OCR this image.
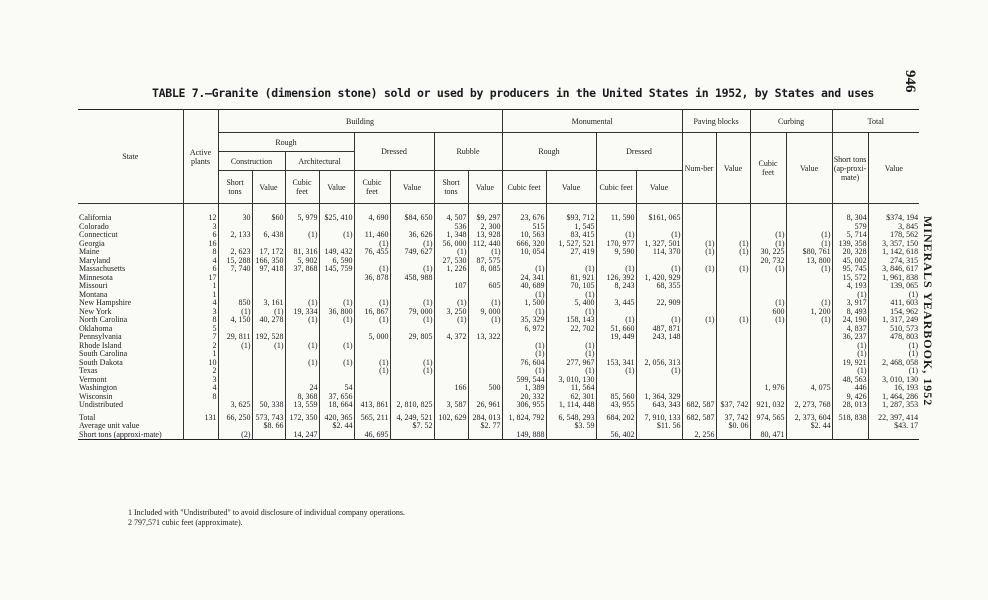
946
MINERALS YEARBOOK, 1952
TABLE 7.—Granite (dimension stone) sold or used by producers in the United States in 1952, by States and uses
State	Active plants	Building								Monumental				Paving blocks		Curbing		Total	
		Rough				Dressed		Rubble		Rough		Dressed		Num-ber	Value	Cubic feet	Value	Short tons (ap-proxi-mate)	Value
		Construction		Architectural															
		Short tons	Value	Cubic feet	Value	Cubic feet	Value	Short tons	Value	Cubic feet	Value	Cubic feet	Value						

California	12	30	$60	5, 979	$25, 410	4, 690	$84, 650	4, 507	$9, 297	23, 676	$93, 712	11, 590	$161, 065					8, 304	$374, 194
Colorado	3							536	2, 300	515	1, 545							579	3, 845
Connecticut	6	2, 133	6, 438	(1)	(1)	11, 460	36, 626	1, 348	13, 928	10, 563	83, 415	(1)	(1)			(1)	(1)	5, 714	178, 562
Georgia	16					(1)	(1)	56, 000	112, 440	666, 320	1, 527, 521	170, 977	1, 327, 501	(1)	(1)	(1)	(1)	139, 358	3, 357, 150
Maine	8	2, 623	17, 172	81, 316	149, 432	76, 455	749, 627	(1)	(1)	10, 054	27, 419	9, 590	114, 370	(1)	(1)	30, 225	$80, 761	20, 328	1, 142, 618
Maryland	4	15, 288	166, 350	5, 902	6, 590			27, 530	87, 575							20, 732	13, 800	45, 002	274, 315
Massachusetts	6	7, 740	97, 418	37, 868	145, 759	(1)	(1)	1, 226	8, 085	(1)	(1)	(1)	(1)	(1)	(1)	(1)	(1)	95, 745	3, 846, 617
Minnesota	17					36, 878	458, 988			24, 341	81, 921	126, 392	1, 420, 929					15, 572	1, 961, 838
Missouri	1							107	605	40, 689	70, 105	8, 243	68, 355					4, 193	139, 065
Montana	1									(1)	(1)							(1)	(1)
New Hampshire	4	850	3, 161	(1)	(1)	(1)	(1)	(1)	(1)	1, 500	5, 400	3, 445	22, 909			(1)	(1)	3, 917	411, 603
New York	3	(1)	(1)	19, 334	36, 800	16, 867	79, 000	3, 250	9, 000	(1)	(1)					600	1, 200	8, 493	154, 962
North Carolina	8	4, 150	40, 278	(1)	(1)	(1)	(1)	(1)	(1)	35, 329	158, 143	(1)	(1)	(1)	(1)	(1)	(1)	24, 190	1, 317, 249
Oklahoma	5									6, 972	22, 702	51, 660	487, 871					4, 837	510, 573
Pennsylvania	7	29, 811	192, 528			5, 000	29, 805	4, 372	13, 322			19, 449	243, 148					36, 237	478, 803
Rhode Island	2	(1)	(1)	(1)	(1)					(1)	(1)							(1)	(1)
South Carolina	1									(1)	(1)							(1)	(1)
South Dakota	10			(1)	(1)	(1)	(1)			76, 604	277, 967	153, 341	2, 056, 313					19, 921	2, 468, 058
Texas	2					(1)	(1)			(1)	(1)	(1)	(1)					(1)	(1)
Vermont	3									599, 544	3, 010, 130							48, 563	3, 010, 130
Washington	4			24	54			166	500	1, 389	11, 564					1, 976	4, 075	446	16, 193
Wisconsin	8			8, 368	37, 656					20, 332	62, 301	85, 560	1, 364, 329					9, 426	1, 464, 286
Undistributed		3, 625	50, 338	13, 559	18, 664	413, 861	2, 810, 825	3, 587	26, 961	306, 955	1, 114, 448	43, 955	643, 343	682, 587	$37, 742	921, 032	2, 273, 768	28, 013	1, 287, 353

Total	131	66, 250	573, 743	172, 350	420, 365	565, 211	4, 249, 521	102, 629	284, 013	1, 824, 792	6, 548, 293	684, 202	7, 910, 133	682, 587	37, 742	974, 565	2, 373, 604	518, 838	22, 397, 414
Average unit value			$8. 66		$2. 44		$7. 52		$2. 77		$3. 59		$11. 56		$0. 06		$2. 44		$43. 17
Short tons (approxi-mate)		(2)		14, 247		46, 695				149, 888		56, 402		2, 256		80, 471			
1 Included with "Undistributed" to avoid disclosure of individual company operations.
2 797,571 cubic feet (approximate).
